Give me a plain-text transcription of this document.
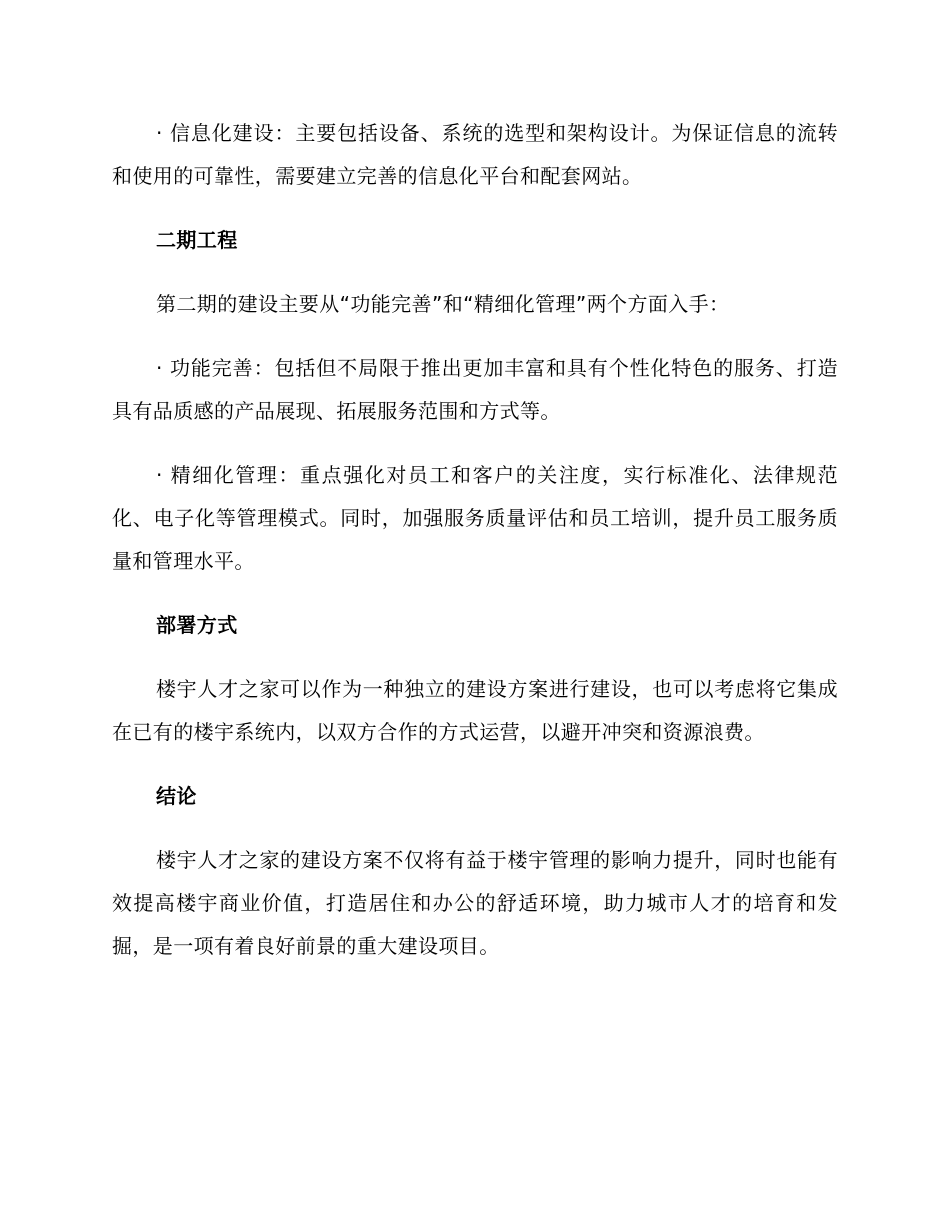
· 信息化建设：主要包括设备、系统的选型和架构设计。为保证信息的流转和使用的可靠性，需要建立完善的信息化平台和配套网站。

二期工程

第二期的建设主要从“功能完善”和“精细化管理”两个方面入手：

· 功能完善：包括但不局限于推出更加丰富和具有个性化特色的服务、打造具有品质感的产品展现、拓展服务范围和方式等。

· 精细化管理：重点强化对员工和客户的关注度，实行标准化、法律规范化、电子化等管理模式。同时，加强服务质量评估和员工培训，提升员工服务质量和管理水平。

部署方式

楼宇人才之家可以作为一种独立的建设方案进行建设，也可以考虑将它集成在已有的楼宇系统内，以双方合作的方式运营，以避开冲突和资源浪费。

结论

楼宇人才之家的建设方案不仅将有益于楼宇管理的影响力提升，同时也能有效提高楼宇商业价值，打造居住和办公的舒适环境，助力城市人才的培育和发掘，是一项有着良好前景的重大建设项目。
